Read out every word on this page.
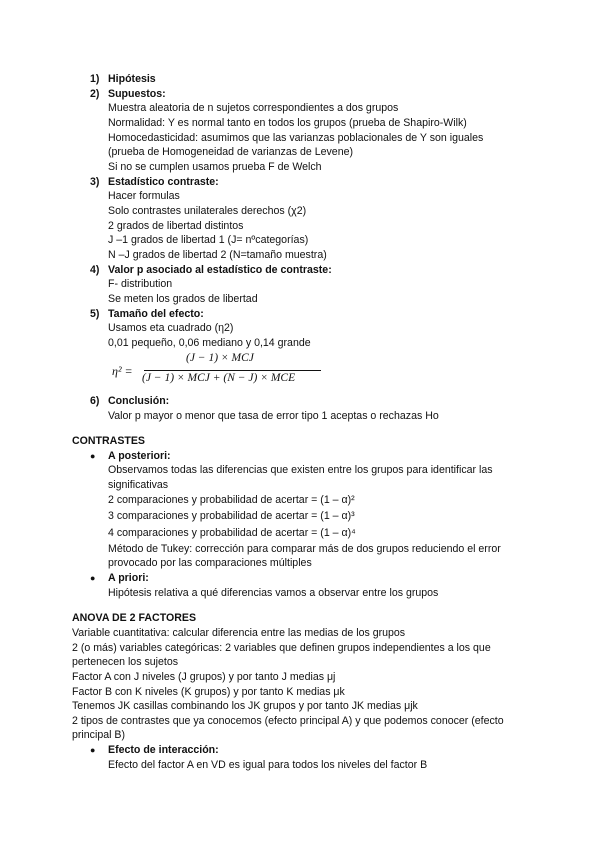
1) Hipótesis
2) Supuestos:
Muestra aleatoria de n sujetos correspondientes a dos grupos
Normalidad: Y es normal tanto en todos los grupos (prueba de Shapiro-Wilk)
Homocedasticidad: asumimos que las varianzas poblacionales de Y son iguales
(prueba de Homogeneidad de varianzas de Levene)
Si no se cumplen usamos prueba F de Welch
3) Estadístico contraste:
Hacer formulas
Solo contrastes unilaterales derechos (χ2)
2 grados de libertad distintos
J –1 grados de libertad 1 (J= nºcategorías)
N –J grados de libertad 2 (N=tamaño muestra)
4) Valor p asociado al estadístico de contraste:
F- distribution
Se meten los grados de libertad
5) Tamaño del efecto:
Usamos eta cuadrado (η2)
0,01 pequeño, 0,06 mediano y 0,14 grande
η² =
(J − 1) × MCJ
(J − 1) × MCJ + (N − J) × MCE
6) Conclusión:
Valor p mayor o menor que tasa de error tipo 1 aceptas o rechazas Ho
CONTRASTES
● A posteriori:
Observamos todas las diferencias que existen entre los grupos para identificar las
significativas
2 comparaciones y probabilidad de acertar = (1 – α)²
3 comparaciones y probabilidad de acertar = (1 – α)³
4 comparaciones y probabilidad de acertar = (1 – α)⁴
Método de Tukey: corrección para comparar más de dos grupos reduciendo el error
provocado por las comparaciones múltiples
● A priori:
Hipótesis relativa a qué diferencias vamos a observar entre los grupos
ANOVA DE 2 FACTORES
Variable cuantitativa: calcular diferencia entre las medias de los grupos
2 (o más) variables categóricas: 2 variables que definen grupos independientes a los que
pertenecen los sujetos
Factor A con J niveles (J grupos) y por tanto J medias μj
Factor B con K niveles (K grupos) y por tanto K medias μk
Tenemos JK casillas combinando los JK grupos y por tanto JK medias μjk
2 tipos de contrastes que ya conocemos (efecto principal A) y que podemos conocer (efecto
principal B)
● Efecto de interacción:
Efecto del factor A en VD es igual para todos los niveles del factor B
